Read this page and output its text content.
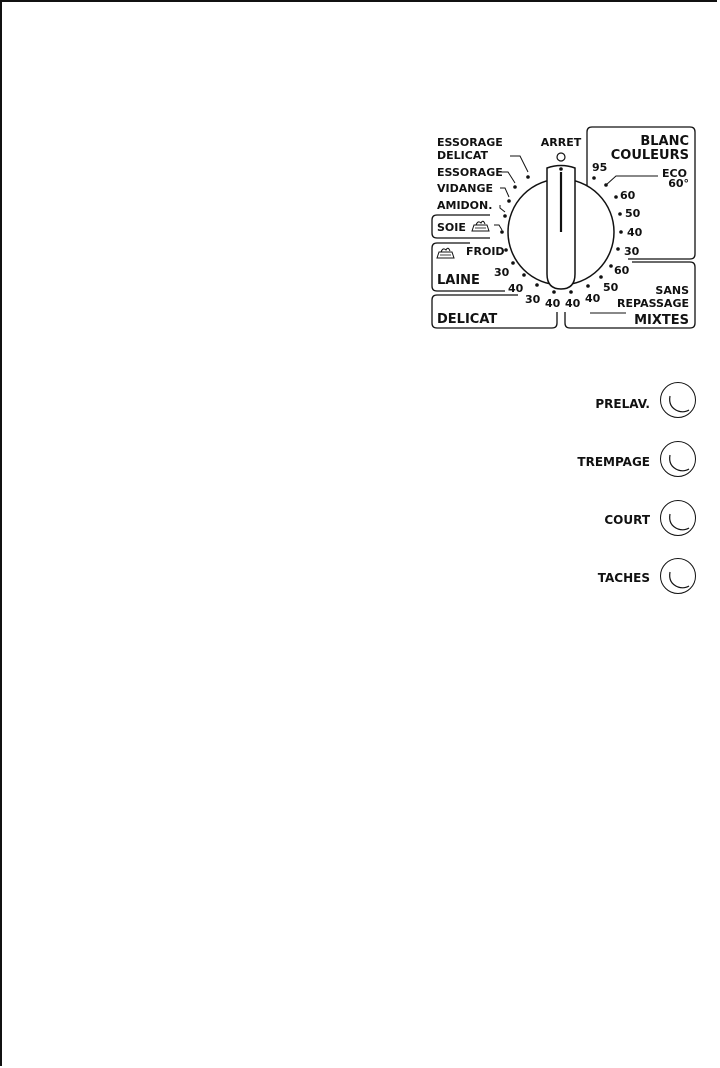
ARRET
ESSORAGE
DELICAT
ESSORAGE
VIDANGE
AMIDON.
SOIE
FROID
LAINE
30
40
30
DELICAT
BLANC
COULEURS
95	ECO
60°
60
50
40
30
60
SANS
REPASSAGE
MIXTES
50
40
40 40
PRELAV.
TREMPAGE
COURT
TACHES
